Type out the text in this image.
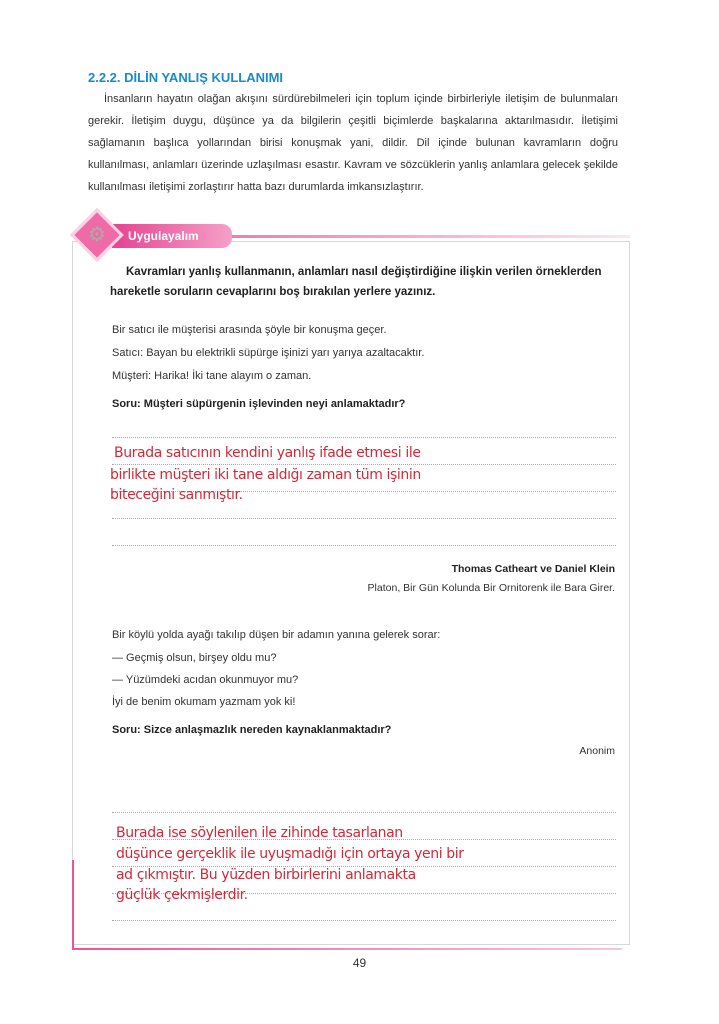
2.2.2. DİLİN YANLIŞ KULLANIMI
İnsanların hayatın olağan akışını sürdürebilmeleri için toplum içinde birbirleriyle iletişim de bulunmaları gerekir. İletişim duygu, düşünce ya da bilgilerin çeşitli biçimlerde başkalarına aktarılmasıdır. İletişimi sağlamanın başlıca yollarından birisi konuşmak yani, dildir. Dil içinde bulunan kavramların doğru kullanılması, anlamları üzerinde uzlaşılması esastır. Kavram ve sözcüklerin yanlış anlamlara gelecek şekilde kullanılması iletişimi zorlaştırır hatta bazı durumlarda imkansızlaştırır.
Uygulayalım
⚙
Kavramları yanlış kullanmanın, anlamları nasıl değiştirdiğine ilişkin verilen örneklerden hareketle soruların cevaplarını boş bırakılan yerlere yazınız.
Bir satıcı ile müşterisi arasında şöyle bir konuşma geçer.
Satıcı: Bayan bu elektrikli süpürge işinizi yarı yarıya azaltacaktır.
Müşteri: Harika! İki tane alayım o zaman.
Soru: Müşteri süpürgenin işlevinden neyi anlamaktadır?
Burada satıcının kendini yanlış ifade etmesi ile
birlikte müşteri iki tane aldığı zaman tüm işinin
biteceğini sanmıştır.
Thomas Catheart ve Daniel Klein
Platon, Bir Gün Kolunda Bir Ornitorenk ile Bara Girer.
Bir köylü yolda ayağı takılıp düşen bir adamın yanına gelerek sorar:
— Geçmiş olsun, birşey oldu mu?
— Yüzümdeki acıdan okunmuyor mu?
İyi de benim okumam yazmam yok ki!
Soru: Sizce anlaşmazlık nereden kaynaklanmaktadır?
Anonim
Burada ise söylenilen ile zihinde tasarlanan
düşünce gerçeklik ile uyuşmadığı için ortaya yeni bir
ad çıkmıştır. Bu yüzden birbirlerini anlamakta
güçlük çekmişlerdir.
49
